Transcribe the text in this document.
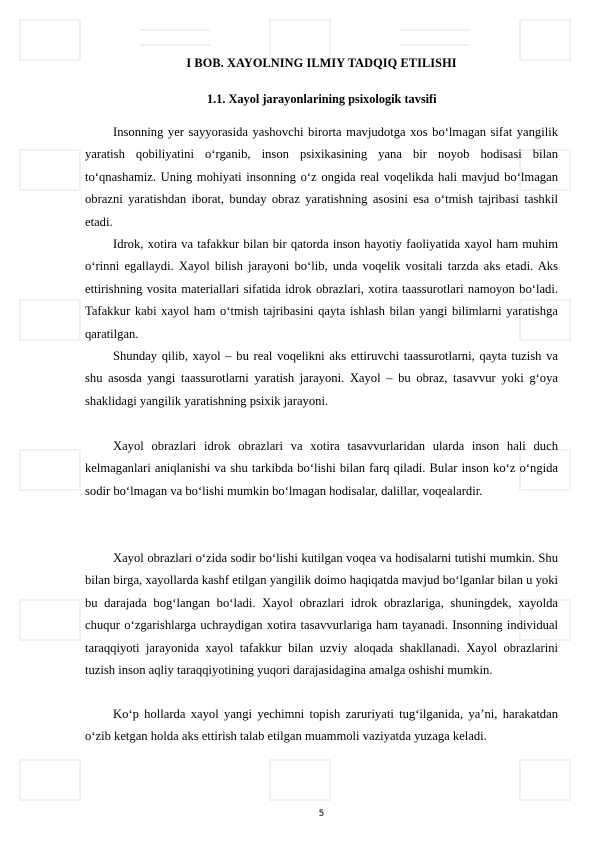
I BOB. XAYOLNING ILMIY TADQIQ ETILISHI
1.1. Xayol jarayonlarining psixologik tavsifi

Insonning yer sayyorasida yashovchi birorta mavjudotga xos boʻlmagan sifat yangilik yaratish qobiliyatini oʻrganib, inson psixikasining yana bir noyob hodisasi bilan toʻqnashamiz. Uning mohiyati insonning oʻz ongida real voqelikda hali mavjud boʻlmagan obrazni yaratishdan iborat, bunday obraz yaratishning asosini esa oʻtmish tajribasi tashkil etadi.

Idrok, xotira va tafakkur bilan bir qatorda inson hayotiy faoliyatida xayol ham muhim oʻrinni egallaydi. Xayol bilish jarayoni boʻlib, unda voqelik vositali tarzda aks etadi. Aks ettirishning vosita materiallari sifatida idrok obrazlari, xotira taassurotlari namoyon boʻladi. Tafakkur kabi xayol ham oʻtmish tajribasini qayta ishlash bilan yangi bilimlarni yaratishga qaratilgan.

Shunday qilib, xayol – bu real voqelikni aks ettiruvchi taassurotlarni, qayta tuzish va shu asosda yangi taassurotlarni yaratish jarayoni. Xayol – bu obraz, tasavvur yoki gʻoya shaklidagi yangilik yaratishning psixik jarayoni.

Xayol obrazlari idrok obrazlari va xotira tasavvurlaridan ularda inson hali duch kelmaganlari aniqlanishi va shu tarkibda boʻlishi bilan farq qiladi. Bular inson koʻz oʻngida sodir boʻlmagan va boʻlishi mumkin boʻlmagan hodisalar, dalillar, voqealardir.

Xayol obrazlari oʻzida sodir boʻlishi kutilgan voqea va hodisalarni tutishi mumkin. Shu bilan birga, xayollarda kashf etilgan yangilik doimo haqiqatda mavjud boʻlganlar bilan u yoki bu darajada bogʻlangan boʻladi. Xayol obrazlari idrok obrazlariga, shuningdek, xayolda chuqur oʻzgarishlarga uchraydigan xotira tasavvurlariga ham tayanadi. Insonning individual taraqqiyoti jarayonida xayol tafakkur bilan uzviy aloqada shakllanadi. Xayol obrazlarini tuzish inson aqliy taraqqiyotining yuqori darajasidagina amalga oshishi mumkin.

Koʻp hollarda xayol yangi yechimni topish zaruriyati tugʻilganida, ya’ni, harakatdan oʻzib ketgan holda aks ettirish talab etilgan muammoli vaziyatda yuzaga keladi.

5
